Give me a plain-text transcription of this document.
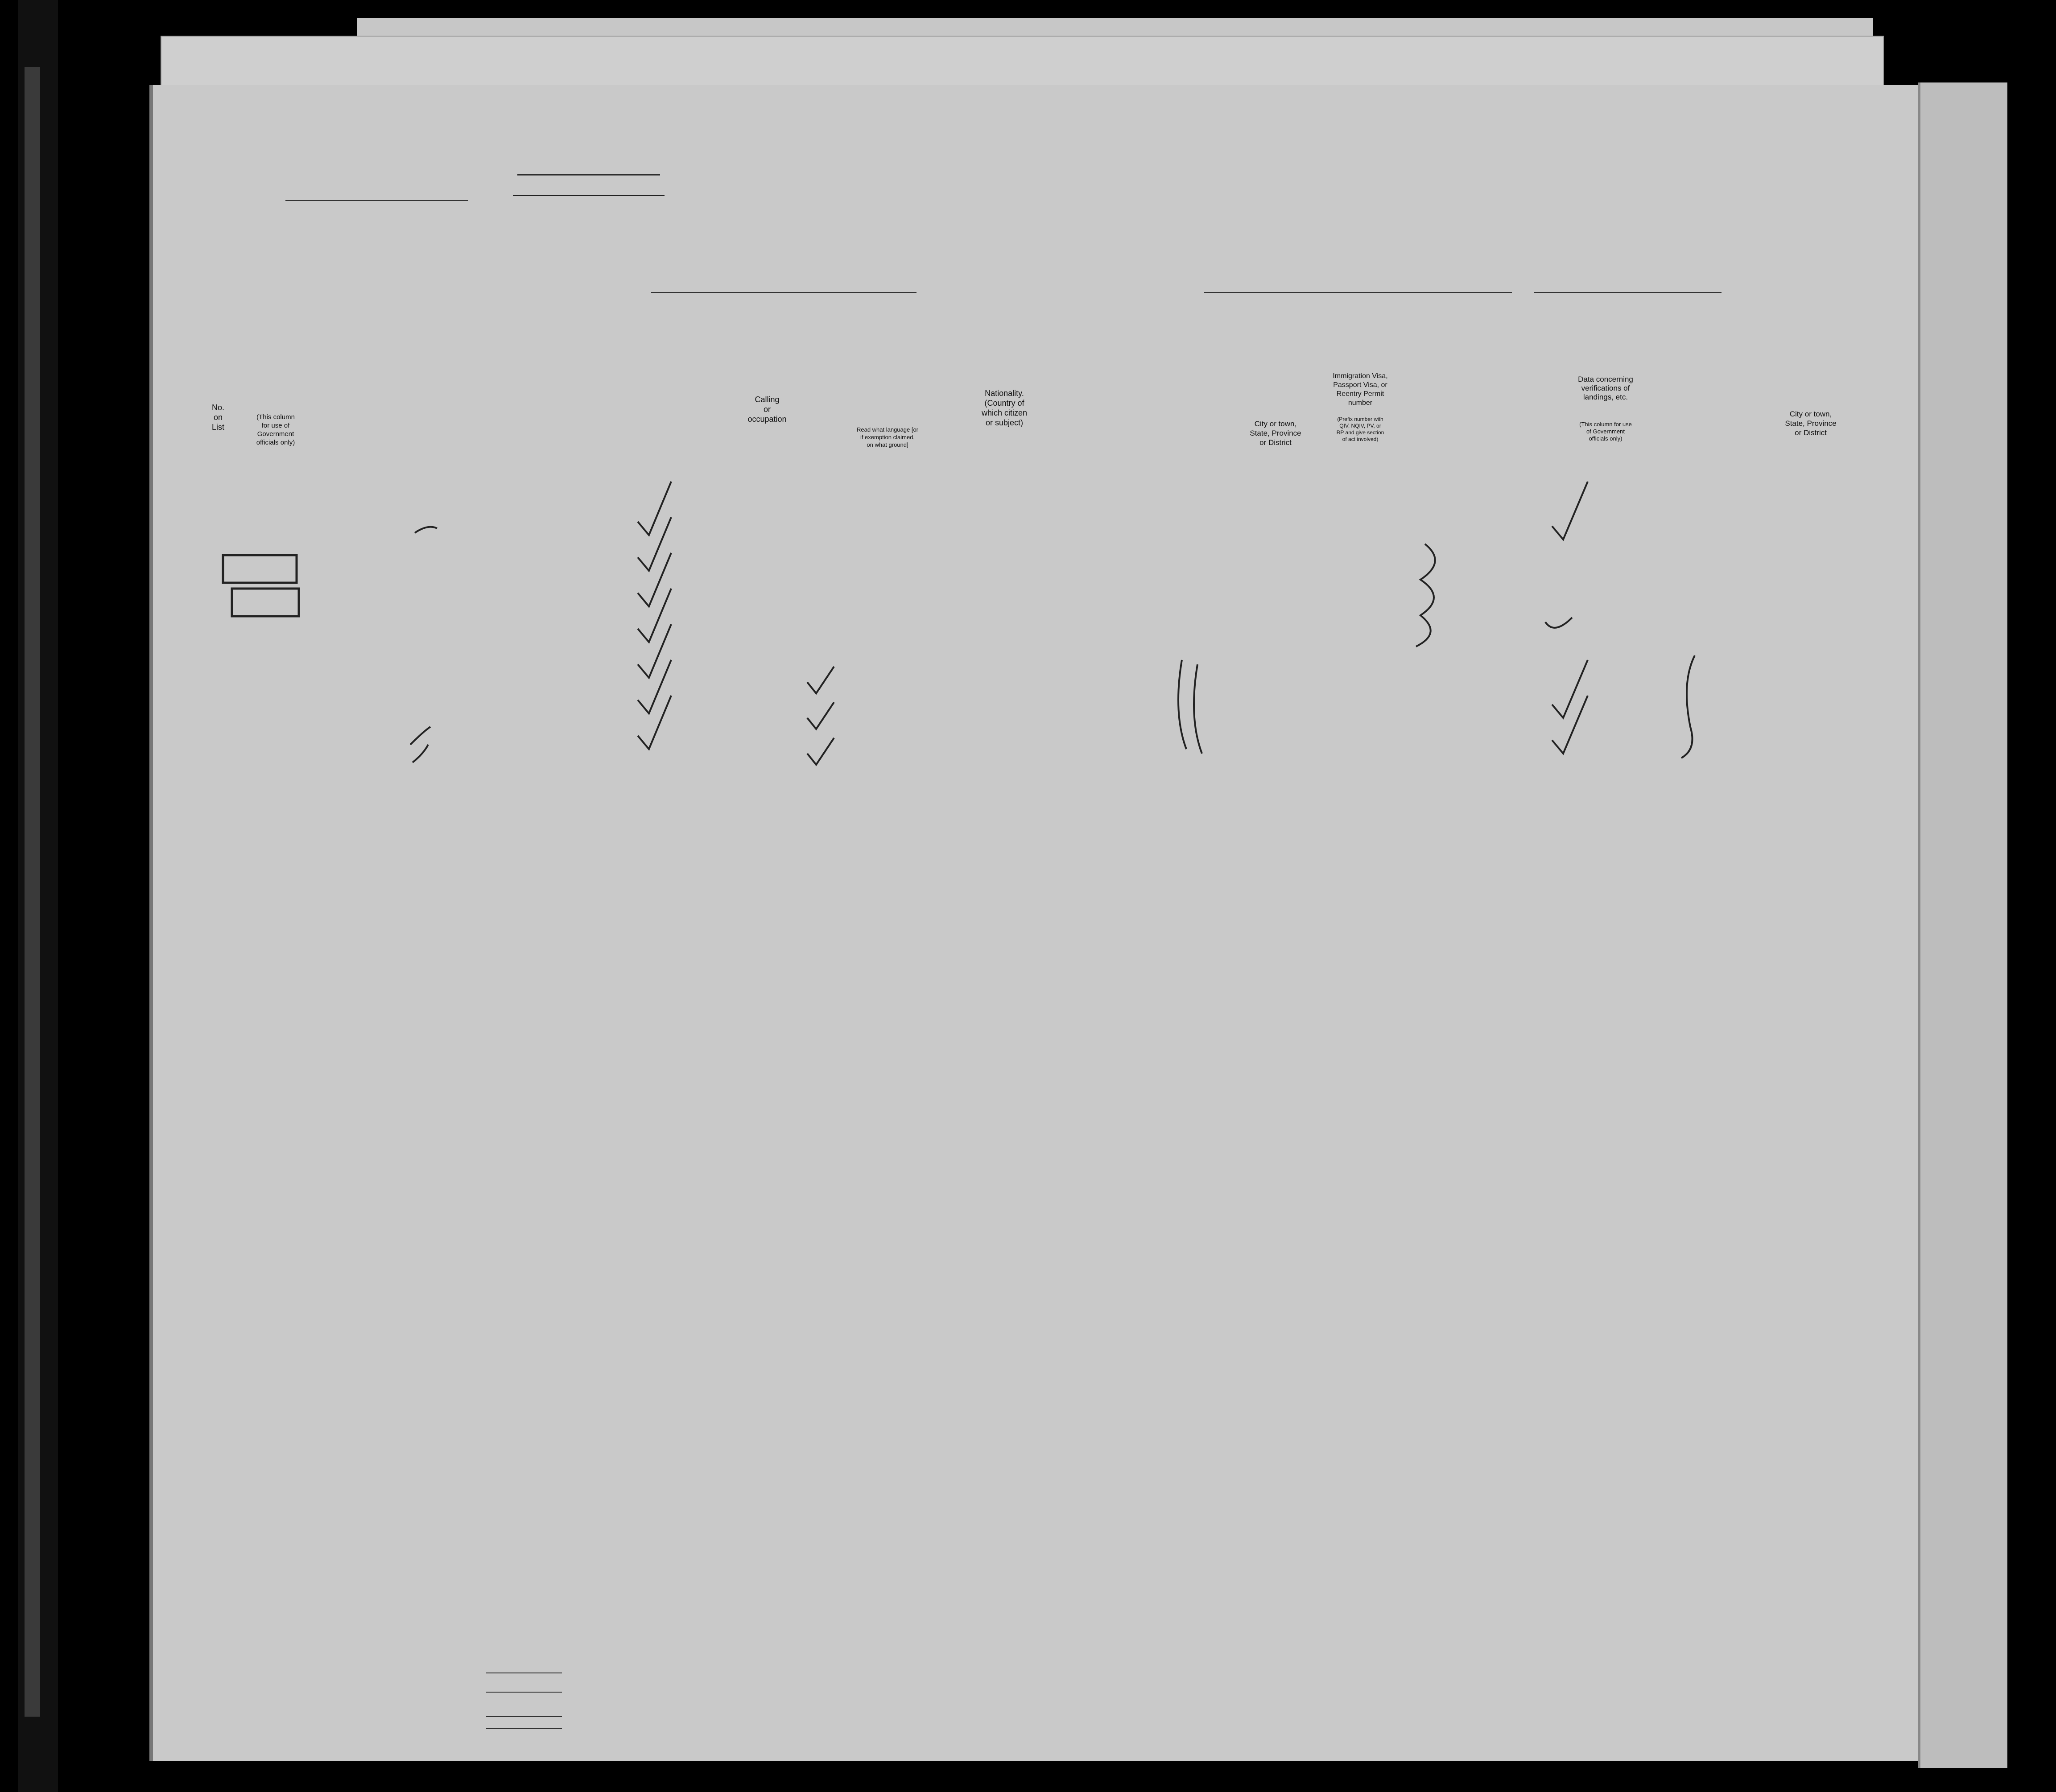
No. on List
(This column for use of Government officials only)
Calling or occupation
Read what language [or if exemption claimed, on what ground]
Nationality. (Country of which citizen or subject)	City or town, State, Province or District
Immigration Visa, Passport Visa, or Reentry Permit number
(Prefix number with QIV, NQIV, PV, or RP and give section of act involved)
Data concerning verifications of landings, etc.
(This column for use of Government officials only)
City or town, State, Province or District
